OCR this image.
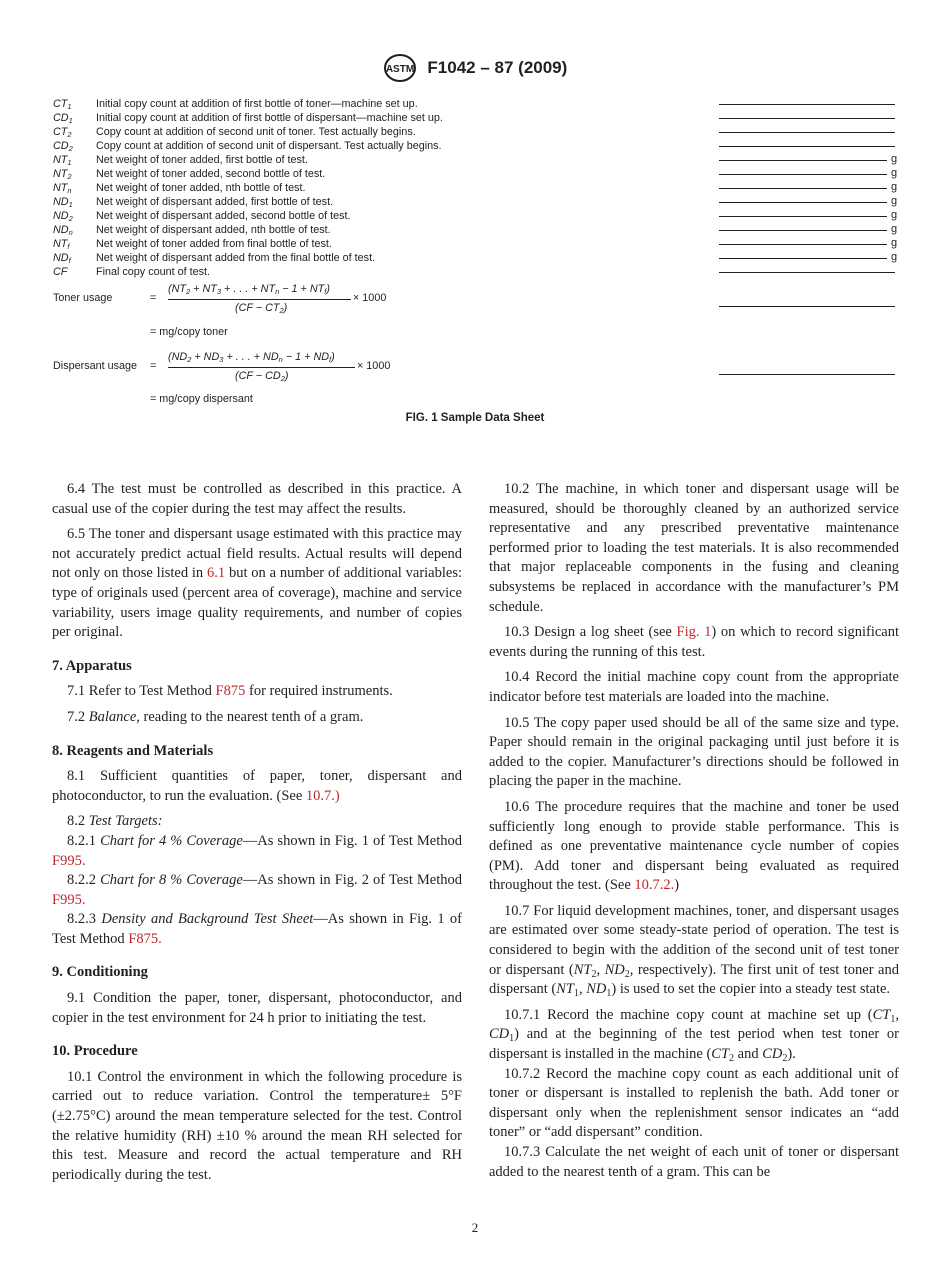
ASTM F1042 – 87 (2009)
$CT_1$ Initial copy count at addition of first bottle of toner—machine set up.
$CD_1$ Initial copy count at addition of first bottle of dispersant—machine set up.
$CT_2$ Copy count at addition of second unit of toner. Test actually begins.
$CD_2$ Copy count at addition of second unit of dispersant. Test actually begins.
$NT_1$ Net weight of toner added, first bottle of test.
$NT_2$ Net weight of toner added, second bottle of test.
$NT_n$ Net weight of toner added, nth bottle of test.
$ND_1$ Net weight of dispersant added, first bottle of test.
$ND_2$ Net weight of dispersant added, second bottle of test.
$ND_n$ Net weight of dispersant added, nth bottle of test.
$NT_f$ Net weight of toner added from final bottle of test.
$ND_f$ Net weight of dispersant added from the final bottle of test.
CF	Final copy count of test.
g
g
g
g
g
g
g
g
Toner usage	=
($NT_2 + NT_3$ + . . . + $NT_n - 1 + NT_f$)
$(CF - CT_2)$
× 1000
= mg/copy toner
Dispersant usage =
($ND_2 + ND_3$ + . . . + $ND_n - 1 + ND_f$)
$(CF - CD_2)$
× 1000
= mg/copy dispersant
FIG. 1 Sample Data Sheet

6.4 The test must be controlled as described in this practice. A casual use of the copier during the test may affect the results.

6.5 The toner and dispersant usage estimated with this practice may not accurately predict actual field results. Actual results will depend not only on those listed in 6.1 but on a number of additional variables: type of originals used (percent area of coverage), machine and service variability, users image quality requirements, and number of copies per original.

7. Apparatus

7.1 Refer to Test Method F875 for required instruments.

7.2 Balance, reading to the nearest tenth of a gram.

8. Reagents and Materials

8.1 Sufficient quantities of paper, toner, dispersant and photoconductor, to run the evaluation. (See 10.7.)

8.2 Test Targets:

8.2.1 Chart for 4 % Coverage—As shown in Fig. 1 of Test Method F995.

8.2.2 Chart for 8 % Coverage—As shown in Fig. 2 of Test Method F995.

8.2.3 Density and Background Test Sheet—As shown in Fig. 1 of Test Method F875.

9. Conditioning

9.1 Condition the paper, toner, dispersant, photoconductor, and copier in the test environment for 24 h prior to initiating the test.

10. Procedure

10.1 Control the environment in which the following procedure is carried out to reduce variation. Control the temperature± 5°F (±2.75°C) around the mean temperature selected for the test. Control the relative humidity (RH) ±10 % around the mean RH selected for this test. Measure and record the actual temperature and RH periodically during the test.

10.2 The machine, in which toner and dispersant usage will be measured, should be thoroughly cleaned by an authorized service representative and any prescribed preventative maintenance performed prior to loading the test materials. It is also recommended that major replaceable components in the fusing and cleaning subsystems be replaced in accordance with the manufacturer’s PM schedule.

10.3 Design a log sheet (see Fig. 1) on which to record significant events during the running of this test.

10.4 Record the initial machine copy count from the appropriate indicator before test materials are loaded into the machine.

10.5 The copy paper used should be all of the same size and type. Paper should remain in the original packaging until just before it is added to the copier. Manufacturer’s directions should be followed in placing the paper in the machine.

10.6 The procedure requires that the machine and toner be used sufficiently long enough to provide stable performance. This is defined as one preventative maintenance cycle number of copies (PM). Add toner and dispersant being evaluated as required throughout the test. (See 10.7.2.)

10.7 For liquid development machines, toner, and dispersant usages are estimated over some steady-state period of operation. The test is considered to begin with the addition of the second unit of test toner or dispersant ($NT_2$, $ND_2$, respectively). The first unit of test toner and dispersant ($NT_1$, $ND_1$) is used to set the copier into a steady test state.

10.7.1 Record the machine copy count at machine set up ($CT_1$, $CD_1$) and at the beginning of the test period when test toner or dispersant is installed in the machine ($CT_2$ and $CD_2$).

10.7.2 Record the machine copy count as each additional unit of toner or dispersant is installed to replenish the bath. Add toner or dispersant only when the replenishment sensor indicates an “add toner” or “add dispersant” condition.

10.7.3 Calculate the net weight of each unit of toner or dispersant added to the nearest tenth of a gram. This can be

2
